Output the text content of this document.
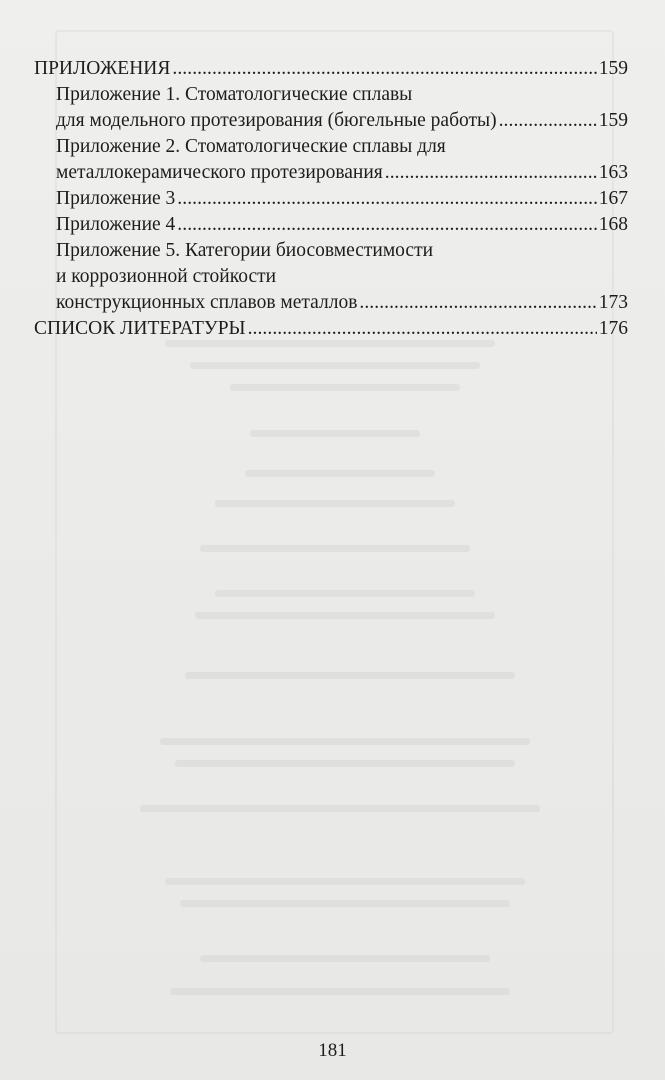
ПРИЛОЖЕНИЯ . . .	159
Приложение 1. Стоматологические сплавы
для модельного протезирования (бюгельные работы) . . .	159
Приложение 2. Стоматологические сплавы для
металлокерамического протезирования . . .	163
Приложение 3 . . .	167
Приложение 4 . . .	168
Приложение 5. Категории биосовместимости
и коррозионной стойкости
конструкционных сплавов металлов . . .	173
СПИСОК ЛИТЕРАТУРЫ . . .	176
181
